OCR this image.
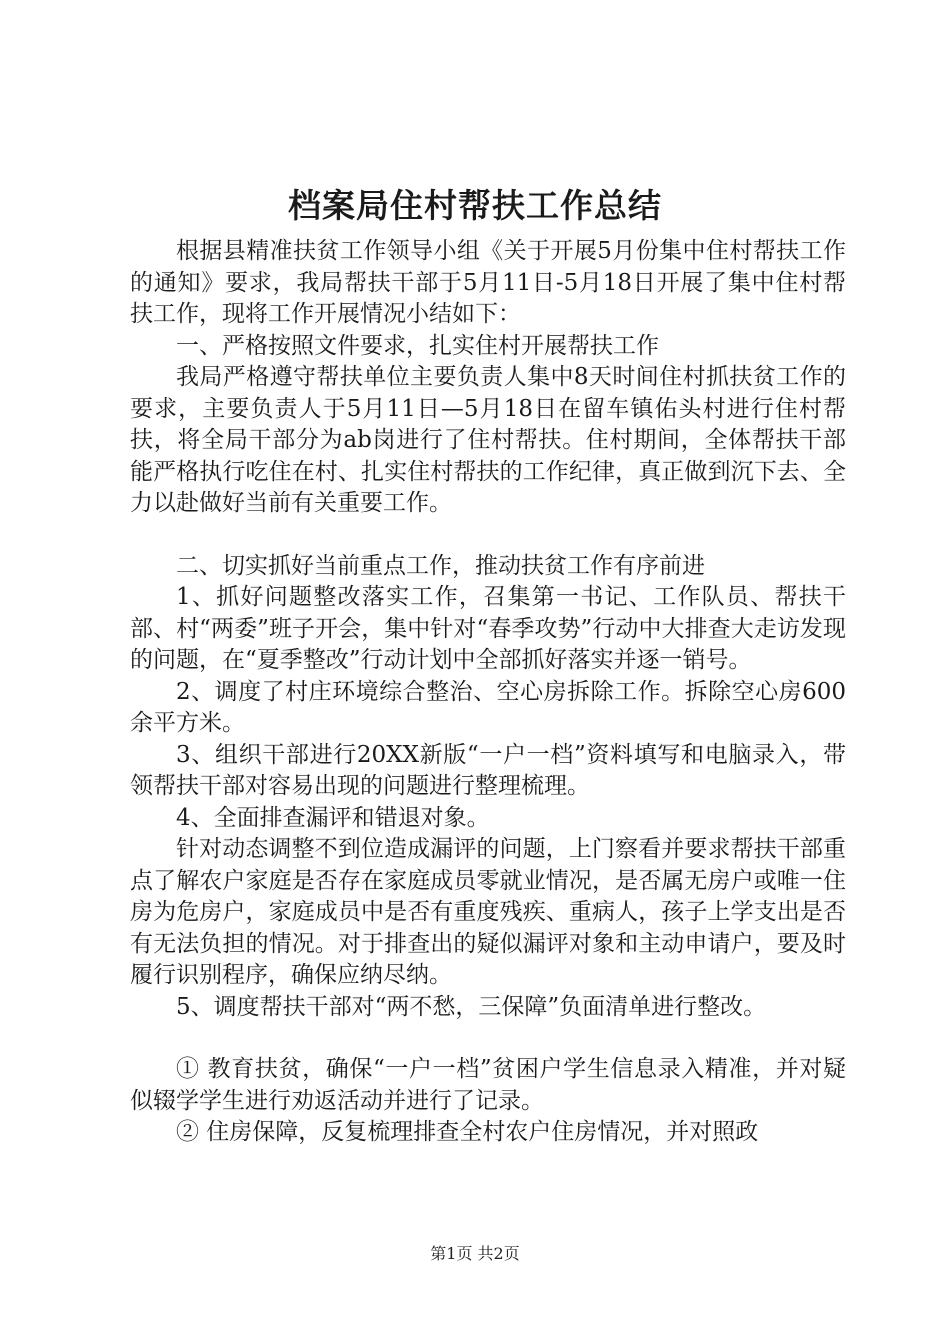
档案局住村帮扶工作总结

根据县精准扶贫工作领导小组《关于开展5月份集中住村帮扶工作的通知》要求，我局帮扶干部于5月11日-5月18日开展了集中住村帮扶工作，现将工作开展情况小结如下：

一、严格按照文件要求，扎实住村开展帮扶工作

我局严格遵守帮扶单位主要负责人集中8天时间住村抓扶贫工作的要求，主要负责人于5月11日—5月18日在留车镇佑头村进行住村帮扶，将全局干部分为ab岗进行了住村帮扶。住村期间，全体帮扶干部能严格执行吃住在村、扎实住村帮扶的工作纪律，真正做到沉下去、全力以赴做好当前有关重要工作。

二、切实抓好当前重点工作，推动扶贫工作有序前进

1、抓好问题整改落实工作，召集第一书记、工作队员、帮扶干部、村“两委”班子开会，集中针对“春季攻势”行动中大排查大走访发现的问题，在“夏季整改”行动计划中全部抓好落实并逐一销号。

2、调度了村庄环境综合整治、空心房拆除工作。拆除空心房600余平方米。

3、组织干部进行20XX新版“一户一档”资料填写和电脑录入，带领帮扶干部对容易出现的问题进行整理梳理。

4、全面排查漏评和错退对象。

针对动态调整不到位造成漏评的问题，上门察看并要求帮扶干部重点了解农户家庭是否存在家庭成员零就业情况，是否属无房户或唯一住房为危房户，家庭成员中是否有重度残疾、重病人，孩子上学支出是否有无法负担的情况。对于排查出的疑似漏评对象和主动申请户，要及时履行识别程序，确保应纳尽纳。

5、调度帮扶干部对“两不愁，三保障”负面清单进行整改。

① 教育扶贫，确保“一户一档”贫困户学生信息录入精准，并对疑似辍学学生进行劝返活动并进行了记录。

② 住房保障，反复梳理排查全村农户住房情况，并对照政

第1页 共2页
